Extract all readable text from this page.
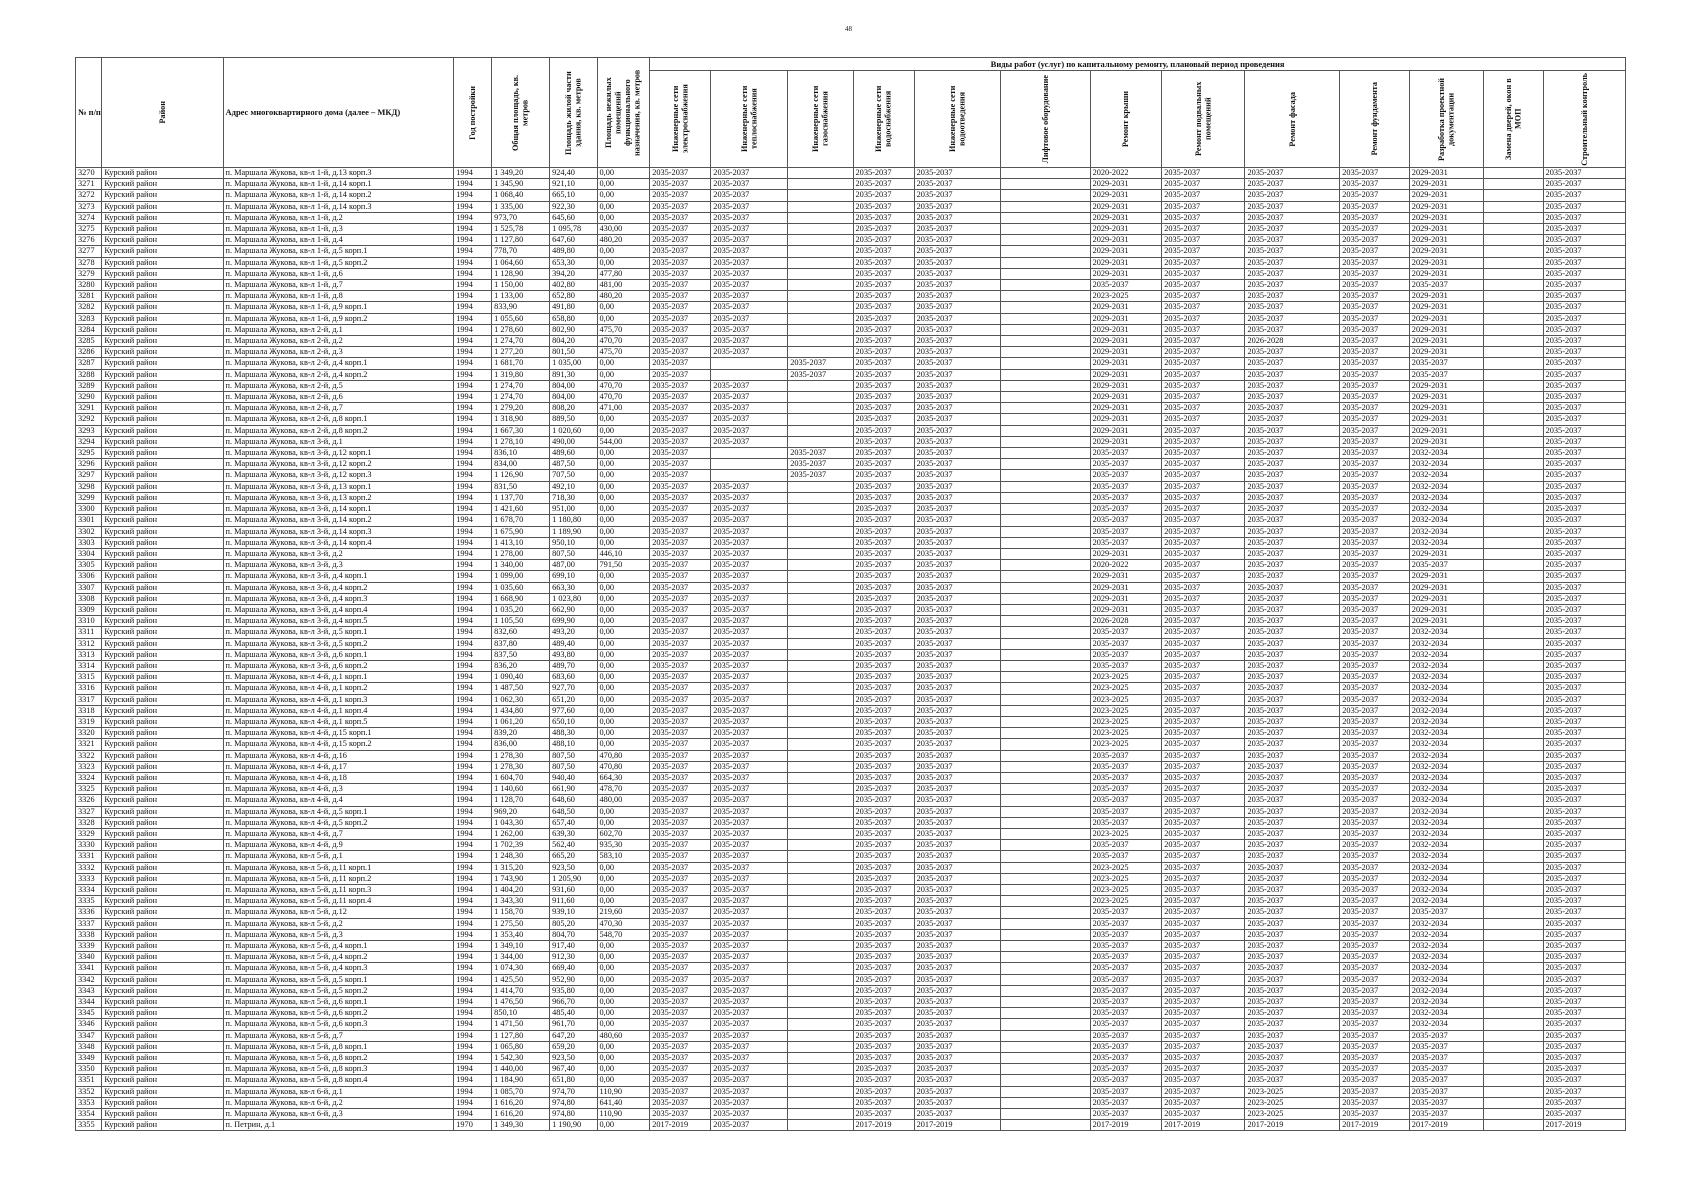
48
№ п/п	Район	Адрес многоквартирного дома (далее – МКД)	Год постройки	Общая площадь, кв. метров	Площадь жилой части здания, кв. метров	Площадь нежилых помещений функционального назначения, кв. метров	Виды работ (услуг) по капитальному ремонту, плановый период проведения												

							Инженерные сети электроснабжения	Инженерные сети теплоснабжения	Инженерные сети газоснабжения	Инженерные сети водоснабжения	Инженерные сети водоотведения	Лифтовое оборудование	Ремонт крыши	Ремонт подвальных помещений	Ремонт фасада	Ремонт фундамента	Разработка проектной документации	Замена дверей, окон в МОП	Строительный контроль

3270	Курский район	п. Маршала Жукова, кв-л 1-й, д.13 корп.3	1994	1 349,20	924,40	0,00	2035-2037	2035-2037		2035-2037	2035-2037		2020-2022	2035-2037	2035-2037	2035-2037	2029-2031		2035-2037
3271	Курский район	п. Маршала Жукова, кв-л 1-й, д.14 корп.1	1994	1 345,90	921,10	0,00	2035-2037	2035-2037		2035-2037	2035-2037		2029-2031	2035-2037	2035-2037	2035-2037	2029-2031		2035-2037
3272	Курский район	п. Маршала Жукова, кв-л 1-й, д.14 корп.2	1994	1 068,40	665,10	0,00	2035-2037	2035-2037		2035-2037	2035-2037		2029-2031	2035-2037	2035-2037	2035-2037	2029-2031		2035-2037
3273	Курский район	п. Маршала Жукова, кв-л 1-й, д.14 корп.3	1994	1 335,00	922,30	0,00	2035-2037	2035-2037		2035-2037	2035-2037		2029-2031	2035-2037	2035-2037	2035-2037	2029-2031		2035-2037
3274	Курский район	п. Маршала Жукова, кв-л 1-й, д.2	1994	973,70	645,60	0,00	2035-2037	2035-2037		2035-2037	2035-2037		2029-2031	2035-2037	2035-2037	2035-2037	2029-2031		2035-2037
3275	Курский район	п. Маршала Жукова, кв-л 1-й, д.3	1994	1 525,78	1 095,78	430,00	2035-2037	2035-2037		2035-2037	2035-2037		2029-2031	2035-2037	2035-2037	2035-2037	2029-2031		2035-2037
3276	Курский район	п. Маршала Жукова, кв-л 1-й, д.4	1994	1 127,80	647,60	480,20	2035-2037	2035-2037		2035-2037	2035-2037		2029-2031	2035-2037	2035-2037	2035-2037	2029-2031		2035-2037
3277	Курский район	п. Маршала Жукова, кв-л 1-й, д.5 корп.1	1994	778,70	489,80	0,00	2035-2037	2035-2037		2035-2037	2035-2037		2029-2031	2035-2037	2035-2037	2035-2037	2029-2031		2035-2037
3278	Курский район	п. Маршала Жукова, кв-л 1-й, д.5 корп.2	1994	1 064,60	653,30	0,00	2035-2037	2035-2037		2035-2037	2035-2037		2029-2031	2035-2037	2035-2037	2035-2037	2029-2031		2035-2037
3279	Курский район	п. Маршала Жукова, кв-л 1-й, д.6	1994	1 128,90	394,20	477,80	2035-2037	2035-2037		2035-2037	2035-2037		2029-2031	2035-2037	2035-2037	2035-2037	2029-2031		2035-2037
3280	Курский район	п. Маршала Жукова, кв-л 1-й, д.7	1994	1 150,00	402,80	481,00	2035-2037	2035-2037		2035-2037	2035-2037		2035-2037	2035-2037	2035-2037	2035-2037	2035-2037		2035-2037
3281	Курский район	п. Маршала Жукова, кв-л 1-й, д.8	1994	1 133,00	652,80	480,20	2035-2037	2035-2037		2035-2037	2035-2037		2023-2025	2035-2037	2035-2037	2035-2037	2029-2031		2035-2037
3282	Курский район	п. Маршала Жукова, кв-л 1-й, д.9 корп.1	1994	833,90	491,80	0,00	2035-2037	2035-2037		2035-2037	2035-2037		2029-2031	2035-2037	2035-2037	2035-2037	2029-2031		2035-2037
3283	Курский район	п. Маршала Жукова, кв-л 1-й, д.9 корп.2	1994	1 055,60	658,80	0,00	2035-2037	2035-2037		2035-2037	2035-2037		2029-2031	2035-2037	2035-2037	2035-2037	2029-2031		2035-2037
3284	Курский район	п. Маршала Жукова, кв-л 2-й, д.1	1994	1 278,60	802,90	475,70	2035-2037	2035-2037		2035-2037	2035-2037		2029-2031	2035-2037	2035-2037	2035-2037	2029-2031		2035-2037
3285	Курский район	п. Маршала Жукова, кв-л 2-й, д.2	1994	1 274,70	804,20	470,70	2035-2037	2035-2037		2035-2037	2035-2037		2029-2031	2035-2037	2026-2028	2035-2037	2029-2031		2035-2037
3286	Курский район	п. Маршала Жукова, кв-л 2-й, д.3	1994	1 277,20	801,50	475,70	2035-2037	2035-2037		2035-2037	2035-2037		2029-2031	2035-2037	2035-2037	2035-2037	2029-2031		2035-2037
3287	Курский район	п. Маршала Жукова, кв-л 2-й, д.4 корп.1	1994	1 681,70	1 035,00	0,00	2035-2037		2035-2037	2035-2037	2035-2037		2029-2031	2035-2037	2035-2037	2035-2037	2035-2037		2035-2037
3288	Курский район	п. Маршала Жукова, кв-л 2-й, д.4 корп.2	1994	1 319,80	891,30	0,00	2035-2037		2035-2037	2035-2037	2035-2037		2029-2031	2035-2037	2035-2037	2035-2037	2035-2037		2035-2037
3289	Курский район	п. Маршала Жукова, кв-л 2-й, д.5	1994	1 274,70	804,00	470,70	2035-2037	2035-2037		2035-2037	2035-2037		2029-2031	2035-2037	2035-2037	2035-2037	2029-2031		2035-2037
3290	Курский район	п. Маршала Жукова, кв-л 2-й, д.6	1994	1 274,70	804,00	470,70	2035-2037	2035-2037		2035-2037	2035-2037		2029-2031	2035-2037	2035-2037	2035-2037	2029-2031		2035-2037
3291	Курский район	п. Маршала Жукова, кв-л 2-й, д.7	1994	1 279,20	808,20	471,00	2035-2037	2035-2037		2035-2037	2035-2037		2029-2031	2035-2037	2035-2037	2035-2037	2029-2031		2035-2037
3292	Курский район	п. Маршала Жукова, кв-л 2-й, д.8 корп.1	1994	1 318,90	889,50	0,00	2035-2037	2035-2037		2035-2037	2035-2037		2029-2031	2035-2037	2035-2037	2035-2037	2029-2031		2035-2037
3293	Курский район	п. Маршала Жукова, кв-л 2-й, д.8 корп.2	1994	1 667,30	1 020,60	0,00	2035-2037	2035-2037		2035-2037	2035-2037		2029-2031	2035-2037	2035-2037	2035-2037	2029-2031		2035-2037
3294	Курский район	п. Маршала Жукова, кв-л 3-й, д.1	1994	1 278,10	490,00	544,00	2035-2037	2035-2037		2035-2037	2035-2037		2029-2031	2035-2037	2035-2037	2035-2037	2029-2031		2035-2037
3295	Курский район	п. Маршала Жукова, кв-л 3-й, д.12 корп.1	1994	836,10	489,60	0,00	2035-2037		2035-2037	2035-2037	2035-2037		2035-2037	2035-2037	2035-2037	2035-2037	2032-2034		2035-2037
3296	Курский район	п. Маршала Жукова, кв-л 3-й, д.12 корп.2	1994	834,00	487,50	0,00	2035-2037		2035-2037	2035-2037	2035-2037		2035-2037	2035-2037	2035-2037	2035-2037	2032-2034		2035-2037
3297	Курский район	п. Маршала Жукова, кв-л 3-й, д.12 корп.3	1994	1 126,90	707,50	0,00	2035-2037		2035-2037	2035-2037	2035-2037		2035-2037	2035-2037	2035-2037	2035-2037	2032-2034		2035-2037
3298	Курский район	п. Маршала Жукова, кв-л 3-й, д.13 корп.1	1994	831,50	492,10	0,00	2035-2037	2035-2037		2035-2037	2035-2037		2035-2037	2035-2037	2035-2037	2035-2037	2032-2034		2035-2037
3299	Курский район	п. Маршала Жукова, кв-л 3-й, д.13 корп.2	1994	1 137,70	718,30	0,00	2035-2037	2035-2037		2035-2037	2035-2037		2035-2037	2035-2037	2035-2037	2035-2037	2032-2034		2035-2037
3300	Курский район	п. Маршала Жукова, кв-л 3-й, д.14 корп.1	1994	1 421,60	951,00	0,00	2035-2037	2035-2037		2035-2037	2035-2037		2035-2037	2035-2037	2035-2037	2035-2037	2032-2034		2035-2037
3301	Курский район	п. Маршала Жукова, кв-л 3-й, д.14 корп.2	1994	1 678,70	1 180,80	0,00	2035-2037	2035-2037		2035-2037	2035-2037		2035-2037	2035-2037	2035-2037	2035-2037	2032-2034		2035-2037
3302	Курский район	п. Маршала Жукова, кв-л 3-й, д.14 корп.3	1994	1 675,90	1 189,90	0,00	2035-2037	2035-2037		2035-2037	2035-2037		2035-2037	2035-2037	2035-2037	2035-2037	2032-2034		2035-2037
3303	Курский район	п. Маршала Жукова, кв-л 3-й, д.14 корп.4	1994	1 413,10	950,10	0,00	2035-2037	2035-2037		2035-2037	2035-2037		2035-2037	2035-2037	2035-2037	2035-2037	2032-2034		2035-2037
3304	Курский район	п. Маршала Жукова, кв-л 3-й, д.2	1994	1 278,00	807,50	446,10	2035-2037	2035-2037		2035-2037	2035-2037		2029-2031	2035-2037	2035-2037	2035-2037	2029-2031		2035-2037
3305	Курский район	п. Маршала Жукова, кв-л 3-й, д.3	1994	1 340,00	487,00	791,50	2035-2037	2035-2037		2035-2037	2035-2037		2020-2022	2035-2037	2035-2037	2035-2037	2035-2037		2035-2037
3306	Курский район	п. Маршала Жукова, кв-л 3-й, д.4 корп.1	1994	1 099,00	699,10	0,00	2035-2037	2035-2037		2035-2037	2035-2037		2029-2031	2035-2037	2035-2037	2035-2037	2029-2031		2035-2037
3307	Курский район	п. Маршала Жукова, кв-л 3-й, д.4 корп.2	1994	1 035,60	663,30	0,00	2035-2037	2035-2037		2035-2037	2035-2037		2029-2031	2035-2037	2035-2037	2035-2037	2029-2031		2035-2037
3308	Курский район	п. Маршала Жукова, кв-л 3-й, д.4 корп.3	1994	1 668,90	1 023,80	0,00	2035-2037	2035-2037		2035-2037	2035-2037		2029-2031	2035-2037	2035-2037	2035-2037	2029-2031		2035-2037
3309	Курский район	п. Маршала Жукова, кв-л 3-й, д.4 корп.4	1994	1 035,20	662,90	0,00	2035-2037	2035-2037		2035-2037	2035-2037		2029-2031	2035-2037	2035-2037	2035-2037	2029-2031		2035-2037
3310	Курский район	п. Маршала Жукова, кв-л 3-й, д.4 корп.5	1994	1 105,50	699,90	0,00	2035-2037	2035-2037		2035-2037	2035-2037		2026-2028	2035-2037	2035-2037	2035-2037	2029-2031		2035-2037
3311	Курский район	п. Маршала Жукова, кв-л 3-й, д.5 корп.1	1994	832,60	493,20	0,00	2035-2037	2035-2037		2035-2037	2035-2037		2035-2037	2035-2037	2035-2037	2035-2037	2032-2034		2035-2037
3312	Курский район	п. Маршала Жукова, кв-л 3-й, д.5 корп.2	1994	837,80	489,40	0,00	2035-2037	2035-2037		2035-2037	2035-2037		2035-2037	2035-2037	2035-2037	2035-2037	2032-2034		2035-2037
3313	Курский район	п. Маршала Жукова, кв-л 3-й, д.6 корп.1	1994	837,50	493,80	0,00	2035-2037	2035-2037		2035-2037	2035-2037		2035-2037	2035-2037	2035-2037	2035-2037	2032-2034		2035-2037
3314	Курский район	п. Маршала Жукова, кв-л 3-й, д.6 корп.2	1994	836,20	489,70	0,00	2035-2037	2035-2037		2035-2037	2035-2037		2035-2037	2035-2037	2035-2037	2035-2037	2032-2034		2035-2037
3315	Курский район	п. Маршала Жукова, кв-л 4-й, д.1 корп.1	1994	1 090,40	683,60	0,00	2035-2037	2035-2037		2035-2037	2035-2037		2023-2025	2035-2037	2035-2037	2035-2037	2032-2034		2035-2037
3316	Курский район	п. Маршала Жукова, кв-л 4-й, д.1 корп.2	1994	1 487,50	927,70	0,00	2035-2037	2035-2037		2035-2037	2035-2037		2023-2025	2035-2037	2035-2037	2035-2037	2032-2034		2035-2037
3317	Курский район	п. Маршала Жукова, кв-л 4-й, д.1 корп.3	1994	1 062,30	651,20	0,00	2035-2037	2035-2037		2035-2037	2035-2037		2023-2025	2035-2037	2035-2037	2035-2037	2032-2034		2035-2037
3318	Курский район	п. Маршала Жукова, кв-л 4-й, д.1 корп.4	1994	1 434,80	977,60	0,00	2035-2037	2035-2037		2035-2037	2035-2037		2023-2025	2035-2037	2035-2037	2035-2037	2032-2034		2035-2037
3319	Курский район	п. Маршала Жукова, кв-л 4-й, д.1 корп.5	1994	1 061,20	650,10	0,00	2035-2037	2035-2037		2035-2037	2035-2037		2023-2025	2035-2037	2035-2037	2035-2037	2032-2034		2035-2037
3320	Курский район	п. Маршала Жукова, кв-л 4-й, д.15 корп.1	1994	839,20	488,30	0,00	2035-2037	2035-2037		2035-2037	2035-2037		2023-2025	2035-2037	2035-2037	2035-2037	2032-2034		2035-2037
3321	Курский район	п. Маршала Жукова, кв-л 4-й, д.15 корп.2	1994	836,00	488,10	0,00	2035-2037	2035-2037		2035-2037	2035-2037		2023-2025	2035-2037	2035-2037	2035-2037	2032-2034		2035-2037
3322	Курский район	п. Маршала Жукова, кв-л 4-й, д.16	1994	1 278,30	807,50	470,80	2035-2037	2035-2037		2035-2037	2035-2037		2035-2037	2035-2037	2035-2037	2035-2037	2032-2034		2035-2037
3323	Курский район	п. Маршала Жукова, кв-л 4-й, д.17	1994	1 278,30	807,50	470,80	2035-2037	2035-2037		2035-2037	2035-2037		2035-2037	2035-2037	2035-2037	2035-2037	2032-2034		2035-2037
3324	Курский район	п. Маршала Жукова, кв-л 4-й, д.18	1994	1 604,70	940,40	664,30	2035-2037	2035-2037		2035-2037	2035-2037		2035-2037	2035-2037	2035-2037	2035-2037	2032-2034		2035-2037
3325	Курский район	п. Маршала Жукова, кв-л 4-й, д.3	1994	1 140,60	661,90	478,70	2035-2037	2035-2037		2035-2037	2035-2037		2035-2037	2035-2037	2035-2037	2035-2037	2032-2034		2035-2037
3326	Курский район	п. Маршала Жукова, кв-л 4-й, д.4	1994	1 128,70	648,60	480,00	2035-2037	2035-2037		2035-2037	2035-2037		2035-2037	2035-2037	2035-2037	2035-2037	2032-2034		2035-2037
3327	Курский район	п. Маршала Жукова, кв-л 4-й, д.5 корп.1	1994	969,20	648,50	0,00	2035-2037	2035-2037		2035-2037	2035-2037		2035-2037	2035-2037	2035-2037	2035-2037	2032-2034		2035-2037
3328	Курский район	п. Маршала Жукова, кв-л 4-й, д.5 корп.2	1994	1 043,30	657,40	0,00	2035-2037	2035-2037		2035-2037	2035-2037		2035-2037	2035-2037	2035-2037	2035-2037	2032-2034		2035-2037
3329	Курский район	п. Маршала Жукова, кв-л 4-й, д.7	1994	1 262,00	639,30	602,70	2035-2037	2035-2037		2035-2037	2035-2037		2023-2025	2035-2037	2035-2037	2035-2037	2032-2034		2035-2037
3330	Курский район	п. Маршала Жукова, кв-л 4-й, д.9	1994	1 702,39	562,40	935,30	2035-2037	2035-2037		2035-2037	2035-2037		2035-2037	2035-2037	2035-2037	2035-2037	2032-2034		2035-2037
3331	Курский район	п. Маршала Жукова, кв-л 5-й, д.1	1994	1 248,30	665,20	583,10	2035-2037	2035-2037		2035-2037	2035-2037		2035-2037	2035-2037	2035-2037	2035-2037	2032-2034		2035-2037
3332	Курский район	п. Маршала Жукова, кв-л 5-й, д.11 корп.1	1994	1 315,20	923,50	0,00	2035-2037	2035-2037		2035-2037	2035-2037		2023-2025	2035-2037	2035-2037	2035-2037	2032-2034		2035-2037
3333	Курский район	п. Маршала Жукова, кв-л 5-й, д.11 корп.2	1994	1 743,90	1 205,90	0,00	2035-2037	2035-2037		2035-2037	2035-2037		2023-2025	2035-2037	2035-2037	2035-2037	2032-2034		2035-2037
3334	Курский район	п. Маршала Жукова, кв-л 5-й, д.11 корп.3	1994	1 404,20	931,60	0,00	2035-2037	2035-2037		2035-2037	2035-2037		2023-2025	2035-2037	2035-2037	2035-2037	2032-2034		2035-2037
3335	Курский район	п. Маршала Жукова, кв-л 5-й, д.11 корп.4	1994	1 343,30	911,60	0,00	2035-2037	2035-2037		2035-2037	2035-2037		2023-2025	2035-2037	2035-2037	2035-2037	2032-2034		2035-2037
3336	Курский район	п. Маршала Жукова, кв-л 5-й, д.12	1994	1 158,70	939,10	219,60	2035-2037	2035-2037		2035-2037	2035-2037		2035-2037	2035-2037	2035-2037	2035-2037	2035-2037		2035-2037
3337	Курский район	п. Маршала Жукова, кв-л 5-й, д.2	1994	1 275,50	805,20	470,30	2035-2037	2035-2037		2035-2037	2035-2037		2035-2037	2035-2037	2035-2037	2035-2037	2032-2034		2035-2037
3338	Курский район	п. Маршала Жукова, кв-л 5-й, д.3	1994	1 353,40	804,70	548,70	2035-2037	2035-2037		2035-2037	2035-2037		2035-2037	2035-2037	2035-2037	2035-2037	2032-2034		2035-2037
3339	Курский район	п. Маршала Жукова, кв-л 5-й, д.4 корп.1	1994	1 349,10	917,40	0,00	2035-2037	2035-2037		2035-2037	2035-2037		2035-2037	2035-2037	2035-2037	2035-2037	2032-2034		2035-2037
3340	Курский район	п. Маршала Жукова, кв-л 5-й, д.4 корп.2	1994	1 344,00	912,30	0,00	2035-2037	2035-2037		2035-2037	2035-2037		2035-2037	2035-2037	2035-2037	2035-2037	2032-2034		2035-2037
3341	Курский район	п. Маршала Жукова, кв-л 5-й, д.4 корп.3	1994	1 074,30	669,40	0,00	2035-2037	2035-2037		2035-2037	2035-2037		2035-2037	2035-2037	2035-2037	2035-2037	2032-2034		2035-2037
3342	Курский район	п. Маршала Жукова, кв-л 5-й, д.5 корп.1	1994	1 425,50	952,90	0,00	2035-2037	2035-2037		2035-2037	2035-2037		2035-2037	2035-2037	2035-2037	2035-2037	2032-2034		2035-2037
3343	Курский район	п. Маршала Жукова, кв-л 5-й, д.5 корп.2	1994	1 414,70	935,80	0,00	2035-2037	2035-2037		2035-2037	2035-2037		2035-2037	2035-2037	2035-2037	2035-2037	2032-2034		2035-2037
3344	Курский район	п. Маршала Жукова, кв-л 5-й, д.6 корп.1	1994	1 476,50	966,70	0,00	2035-2037	2035-2037		2035-2037	2035-2037		2035-2037	2035-2037	2035-2037	2035-2037	2032-2034		2035-2037
3345	Курский район	п. Маршала Жукова, кв-л 5-й, д.6 корп.2	1994	850,10	485,40	0,00	2035-2037	2035-2037		2035-2037	2035-2037		2035-2037	2035-2037	2035-2037	2035-2037	2032-2034		2035-2037
3346	Курский район	п. Маршала Жукова, кв-л 5-й, д.6 корп.3	1994	1 471,50	961,70	0,00	2035-2037	2035-2037		2035-2037	2035-2037		2035-2037	2035-2037	2035-2037	2035-2037	2032-2034		2035-2037
3347	Курский район	п. Маршала Жукова, кв-л 5-й, д.7	1994	1 127,80	647,20	480,60	2035-2037	2035-2037		2035-2037	2035-2037		2035-2037	2035-2037	2035-2037	2035-2037	2035-2037		2035-2037
3348	Курский район	п. Маршала Жукова, кв-л 5-й, д.8 корп.1	1994	1 065,80	659,20	0,00	2035-2037	2035-2037		2035-2037	2035-2037		2035-2037	2035-2037	2035-2037	2035-2037	2035-2037		2035-2037
3349	Курский район	п. Маршала Жукова, кв-л 5-й, д.8 корп.2	1994	1 542,30	923,50	0,00	2035-2037	2035-2037		2035-2037	2035-2037		2035-2037	2035-2037	2035-2037	2035-2037	2035-2037		2035-2037
3350	Курский район	п. Маршала Жукова, кв-л 5-й, д.8 корп.3	1994	1 440,00	967,40	0,00	2035-2037	2035-2037		2035-2037	2035-2037		2035-2037	2035-2037	2035-2037	2035-2037	2035-2037		2035-2037
3351	Курский район	п. Маршала Жукова, кв-л 5-й, д.8 корп.4	1994	1 184,90	651,80	0,00	2035-2037	2035-2037		2035-2037	2035-2037		2035-2037	2035-2037	2035-2037	2035-2037	2035-2037		2035-2037
3352	Курский район	п. Маршала Жукова, кв-л 6-й, д.1	1994	1 085,70	974,70	110,90	2035-2037	2035-2037		2035-2037	2035-2037		2035-2037	2035-2037	2023-2025	2035-2037	2035-2037		2035-2037
3353	Курский район	п. Маршала Жукова, кв-л 6-й, д.2	1994	1 616,20	974,80	641,40	2035-2037	2035-2037		2035-2037	2035-2037		2035-2037	2035-2037	2023-2025	2035-2037	2035-2037		2035-2037
3354	Курский район	п. Маршала Жукова, кв-л 6-й, д.3	1994	1 616,20	974,80	110,90	2035-2037	2035-2037		2035-2037	2035-2037		2035-2037	2035-2037	2023-2025	2035-2037	2035-2037		2035-2037
3355	Курский район	п. Петрин, д.1	1970	1 349,30	1 190,90	0,00	2017-2019	2035-2037		2017-2019	2017-2019		2017-2019	2017-2019	2017-2019	2017-2019	2017-2019		2017-2019
